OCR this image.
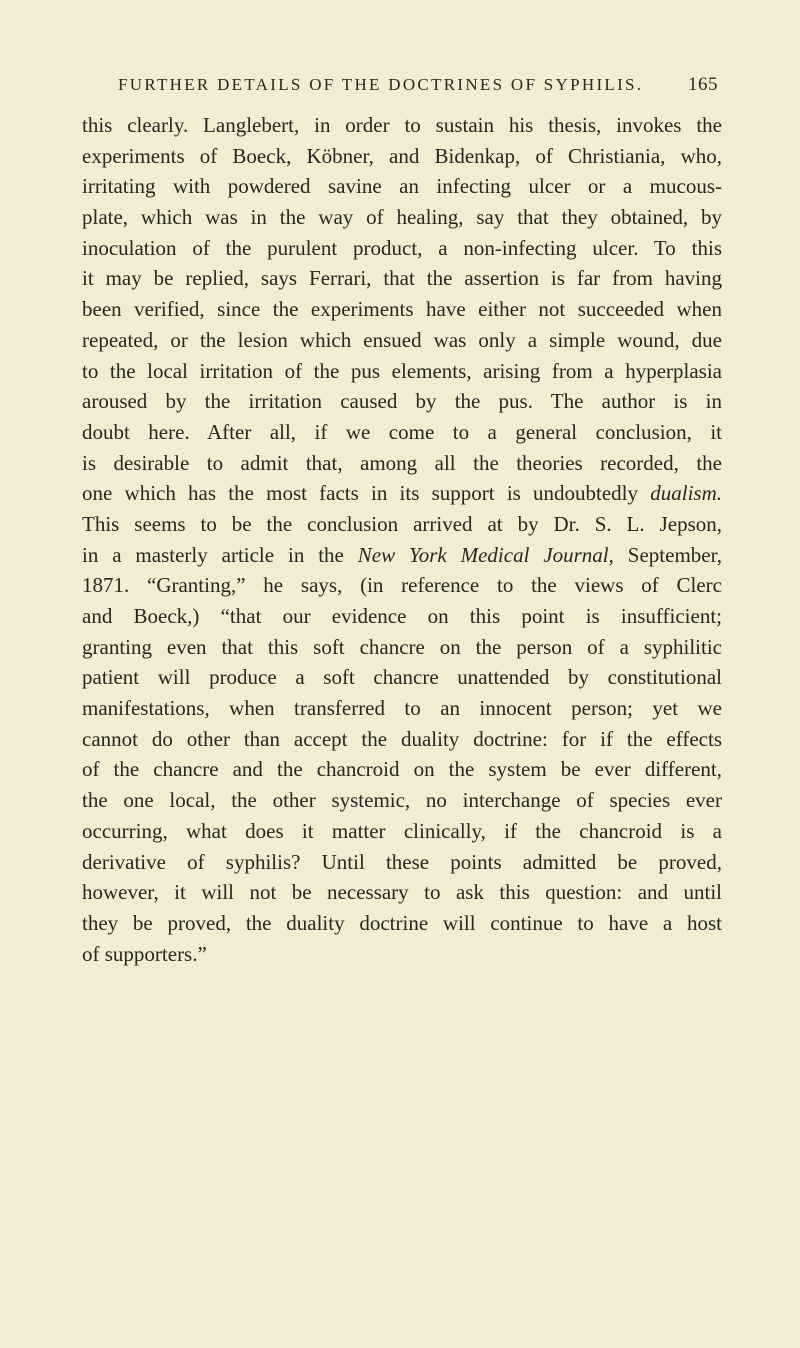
FURTHER DETAILS OF THE DOCTRINES OF SYPHILIS. 165
this clearly. Langlebert, in order to sustain his thesis, invokes the
experiments of Boeck, Köbner, and Bidenkap, of Christiania, who,
irritating with powdered savine an infecting ulcer or a mucous-
plate, which was in the way of healing, say that they obtained, by
inoculation of the purulent product, a non-infecting ulcer. To this
it may be replied, says Ferrari, that the assertion is far from having
been verified, since the experiments have either not succeeded when
repeated, or the lesion which ensued was only a simple wound, due
to the local irritation of the pus elements, arising from a hyperplasia
aroused by the irritation caused by the pus. The author is in
doubt here. After all, if we come to a general conclusion, it
is desirable to admit that, among all the theories recorded, the
one which has the most facts in its support is undoubtedly dualism.
This seems to be the conclusion arrived at by Dr. S. L. Jepson,
in a masterly article in the New York Medical Journal, September,
1871. “Granting,” he says, (in reference to the views of Clerc
and Boeck,) “that our evidence on this point is insufficient;
granting even that this soft chancre on the person of a syphilitic
patient will produce a soft chancre unattended by constitutional
manifestations, when transferred to an innocent person; yet we
cannot do other than accept the duality doctrine: for if the effects
of the chancre and the chancroid on the system be ever different,
the one local, the other systemic, no interchange of species ever
occurring, what does it matter clinically, if the chancroid is a
derivative of syphilis? Until these points admitted be proved,
however, it will not be necessary to ask this question: and until
they be proved, the duality doctrine will continue to have a host
of supporters.”
